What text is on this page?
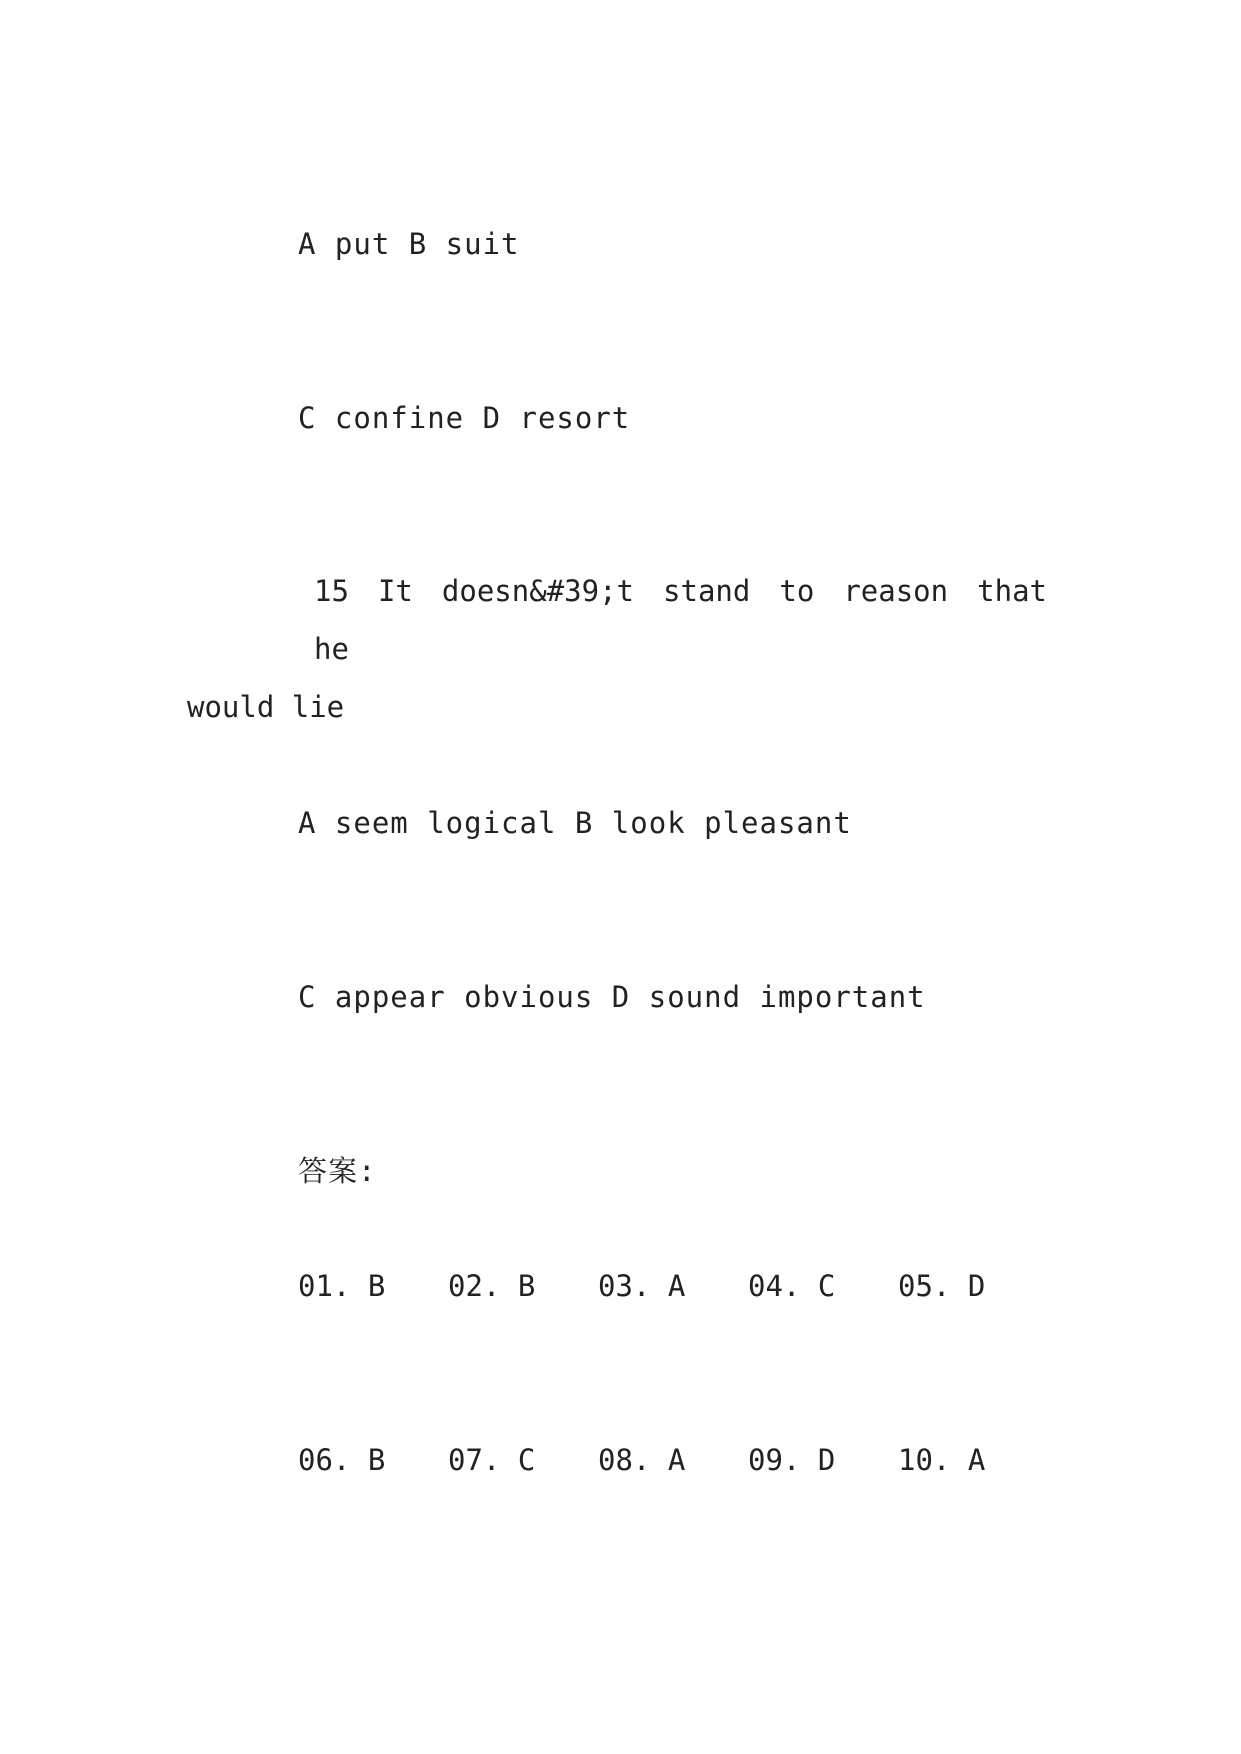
A put B suit
C confine D resort
15 It doesn&#39;t stand to reason that he
would lie
A seem logical B look pleasant
C appear obvious D sound important
答案:
01. B	02. B	03. A	04. C	05. D
06. B	07. C	08. A	09. D	10. A
